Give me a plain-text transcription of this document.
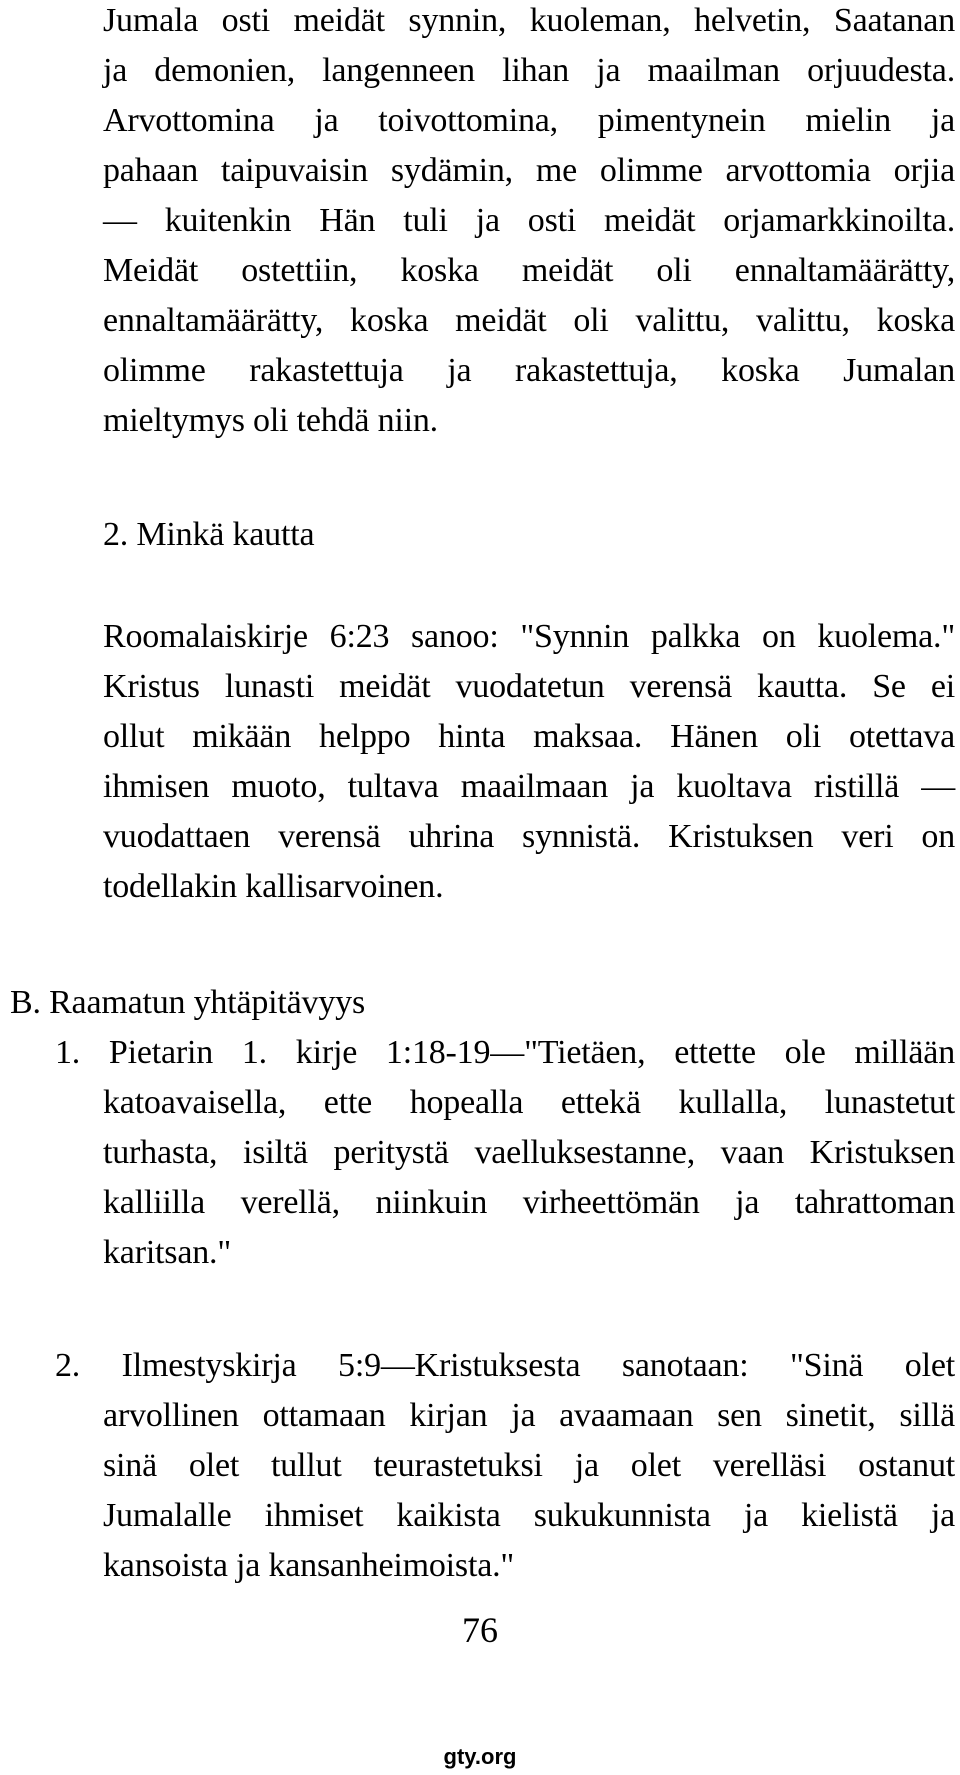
Jumala osti meidät synnin, kuoleman, helvetin, Saatanan
ja demonien, langenneen lihan ja maailman orjuudesta.
Arvottomina ja toivottomina, pimentynein mielin ja
pahaan taipuvaisin sydämin, me olimme arvottomia orjia
— kuitenkin Hän tuli ja osti meidät orjamarkkinoilta.
Meidät ostettiin, koska meidät oli ennaltamäärätty,
ennaltamäärätty, koska meidät oli valittu, valittu, koska
olimme rakastettuja ja rakastettuja, koska Jumalan
mieltymys oli tehdä niin.
2. Minkä kautta
Roomalaiskirje 6:23 sanoo: "Synnin palkka on kuolema."
Kristus lunasti meidät vuodatetun verensä kautta. Se ei
ollut mikään helppo hinta maksaa. Hänen oli otettava
ihmisen muoto, tultava maailmaan ja kuoltava ristillä —
vuodattaen verensä uhrina synnistä. Kristuksen veri on
todellakin kallisarvoinen.
B. Raamatun yhtäpitävyys
1. Pietarin 1. kirje 1:18-19—"Tietäen, ettette ole millään
katoavaisella, ette hopealla ettekä kullalla, lunastetut
turhasta, isiltä peritystä vaelluksestanne, vaan Kristuksen
kalliilla verellä, niinkuin virheettömän ja tahrattoman
karitsan."
2. Ilmestyskirja 5:9—Kristuksesta sanotaan: "Sinä olet
arvollinen ottamaan kirjan ja avaamaan sen sinetit, sillä
sinä olet tullut teurastetuksi ja olet verelläsi ostanut
Jumalalle ihmiset kaikista sukukunnista ja kielistä ja
kansoista ja kansanheimoista."
76
gty.org
